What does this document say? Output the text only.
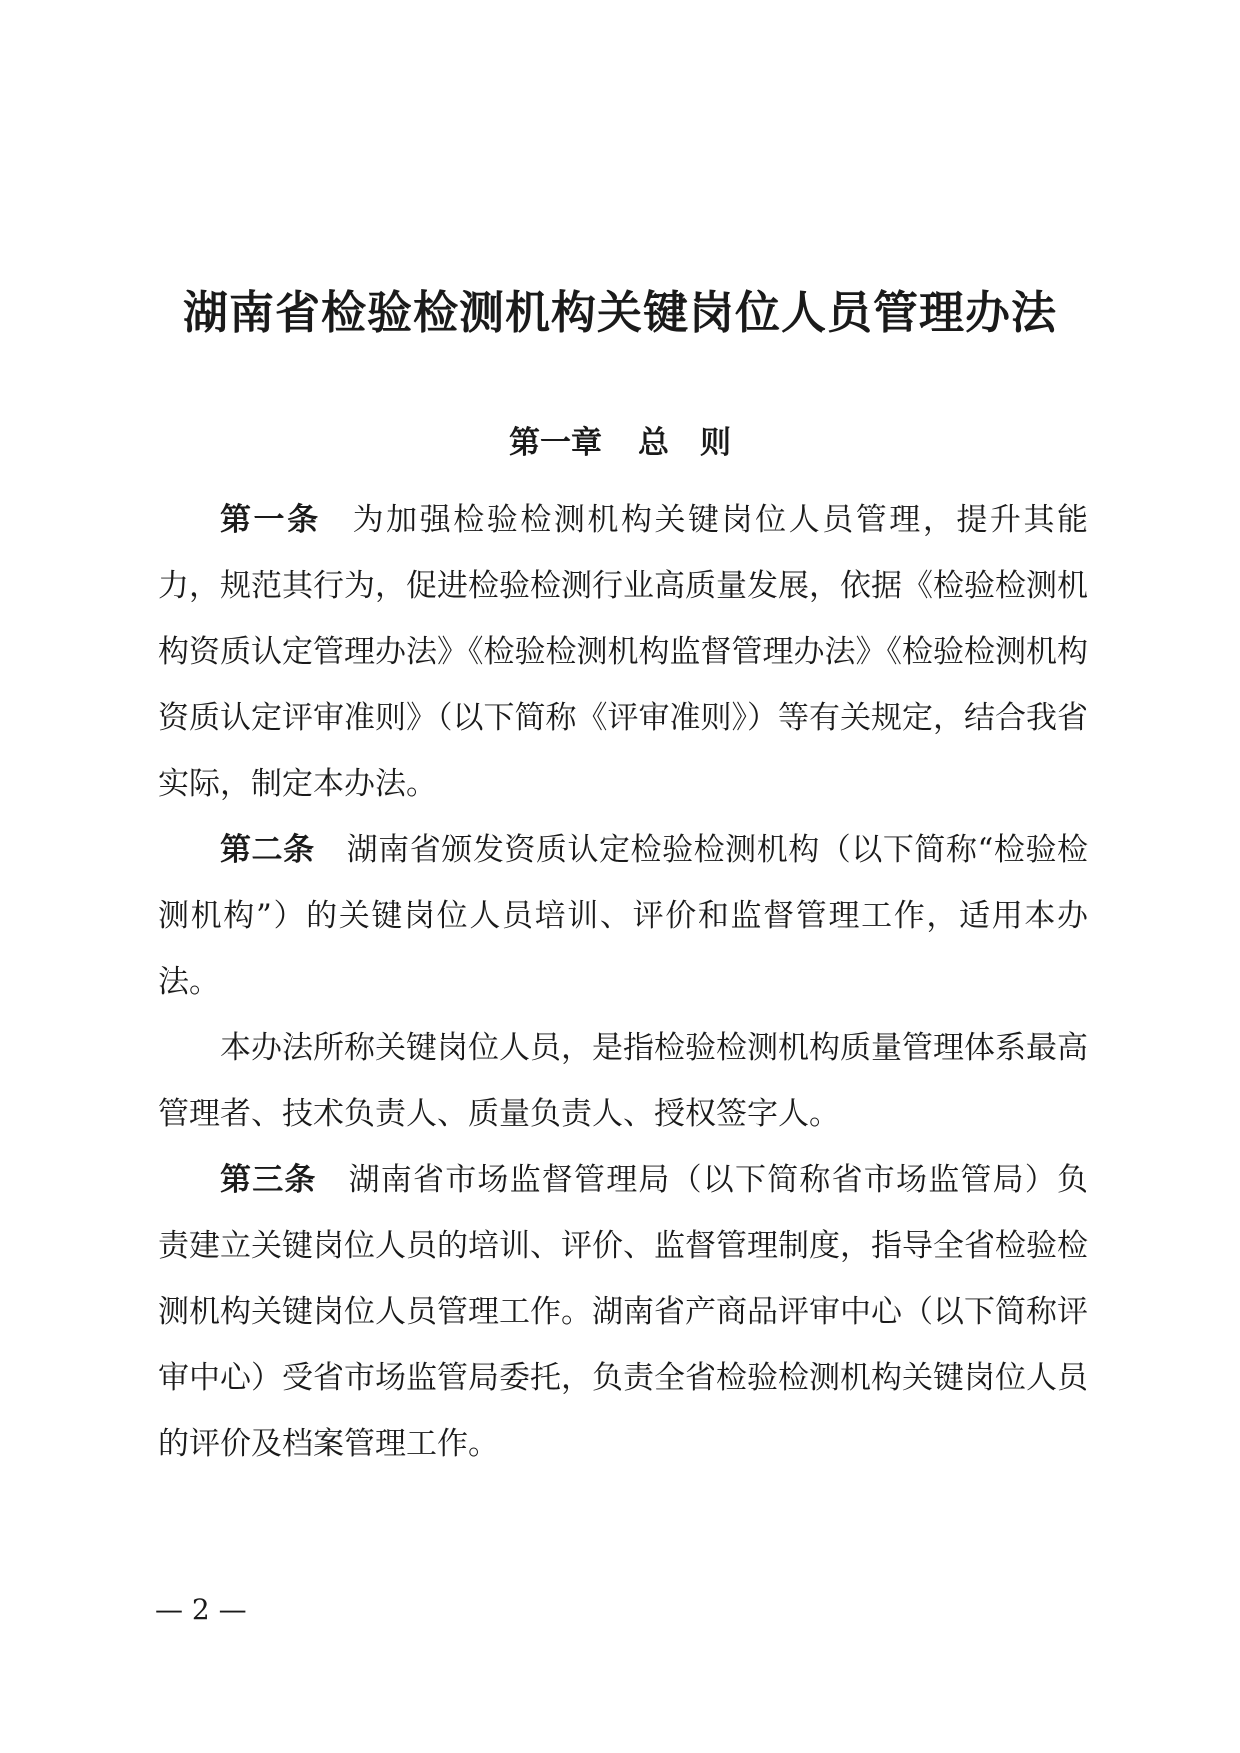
湖南省检验检测机构关键岗位人员管理办法
第一章 总　则

第一条 为加强检验检测机构关键岗位人员管理，提升其能力，规范其行为，促进检验检测行业高质量发展，依据《检验检测机构资质认定管理办法》《检验检测机构监督管理办法》《检验检测机构资质认定评审准则》（以下简称《评审准则》）等有关规定，结合我省实际，制定本办法。

第二条 湖南省颁发资质认定检验检测机构（以下简称“检验检测机构”）的关键岗位人员培训、评价和监督管理工作，适用本办法。

本办法所称关键岗位人员，是指检验检测机构质量管理体系最高管理者、技术负责人、质量负责人、授权签字人。

第三条 湖南省市场监督管理局（以下简称省市场监管局）负责建立关键岗位人员的培训、评价、监督管理制度，指导全省检验检测机构关键岗位人员管理工作。湖南省产商品评审中心（以下简称评审中心）受省市场监管局委托，负责全省检验检测机构关键岗位人员的评价及档案管理工作。

— 2 —
